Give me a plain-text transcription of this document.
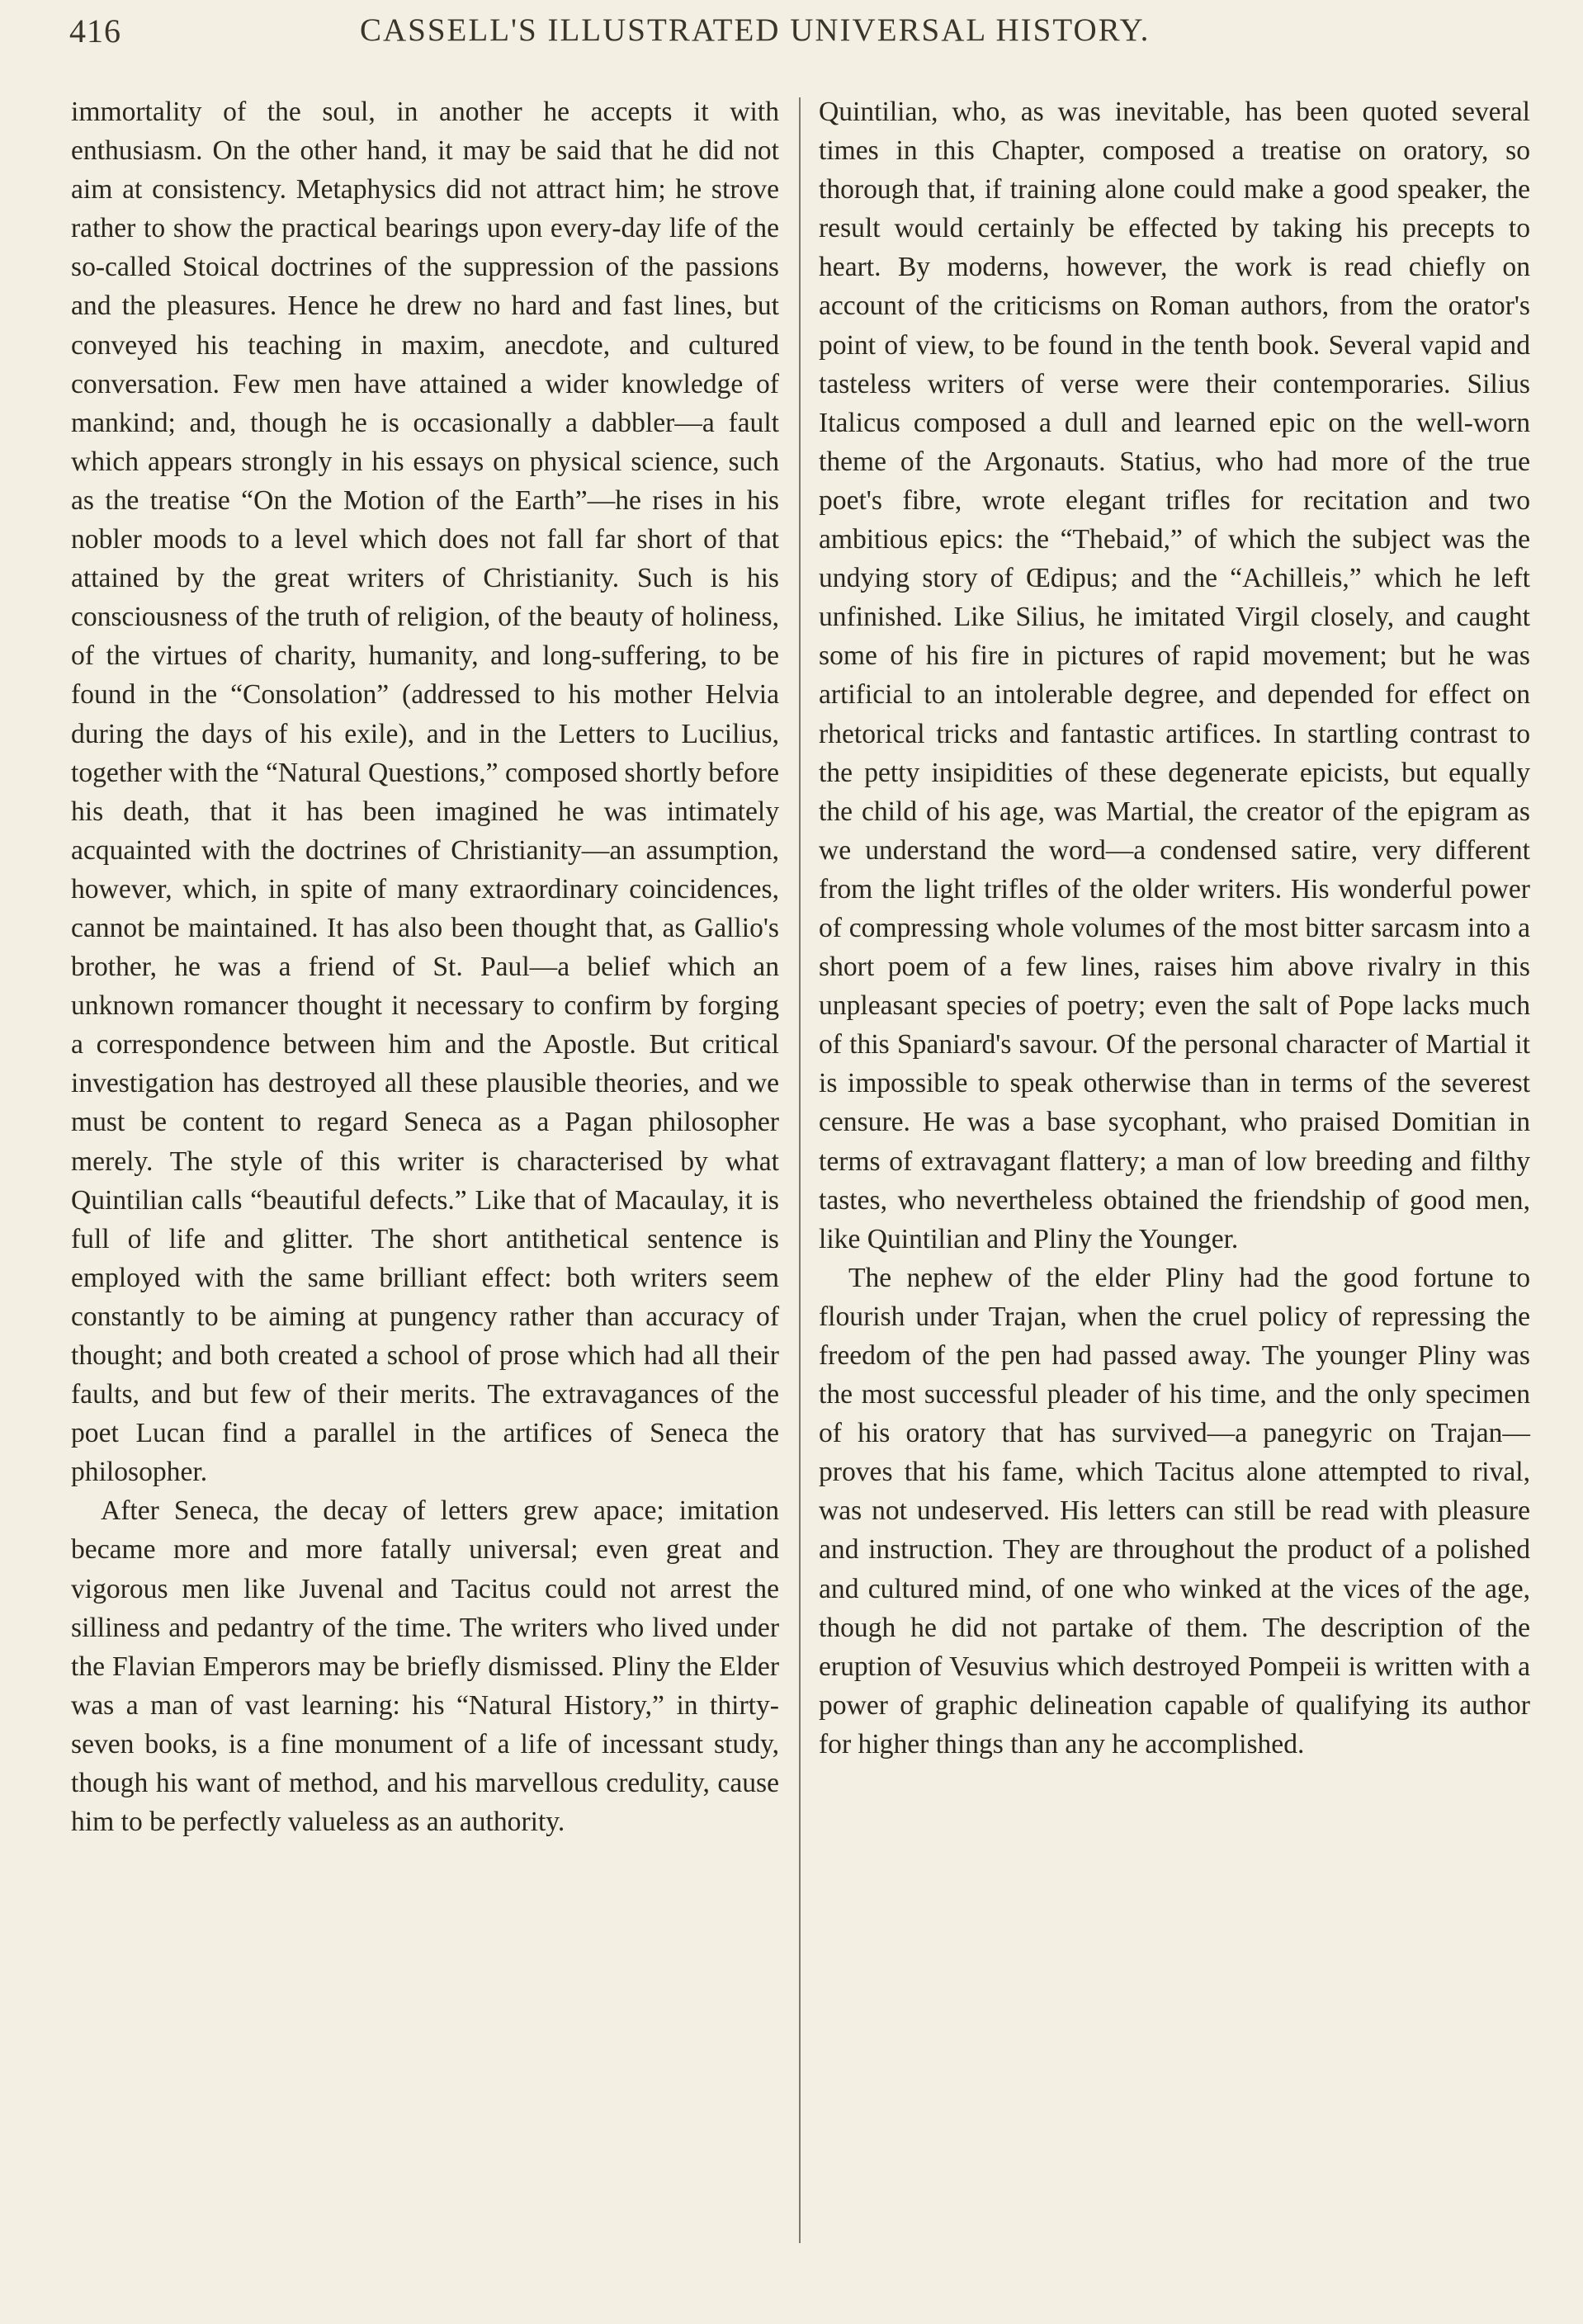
416	CASSELL'S ILLUSTRATED UNIVERSAL HISTORY.

immortality of the soul, in another he accepts it with enthusiasm. On the other hand, it may be said that he did not aim at consistency. Metaphysics did not attract him; he strove rather to show the practical bearings upon every-day life of the so-called Stoical doctrines of the suppression of the passions and the pleasures. Hence he drew no hard and fast lines, but conveyed his teaching in maxim, anecdote, and cultured conversation. Few men have attained a wider knowledge of mankind; and, though he is occasionally a dabbler—a fault which appears strongly in his essays on physical science, such as the treatise “On the Motion of the Earth”—he rises in his nobler moods to a level which does not fall far short of that attained by the great writers of Christianity. Such is his consciousness of the truth of religion, of the beauty of holiness, of the virtues of charity, humanity, and long-suffering, to be found in the “Consolation” (addressed to his mother Helvia during the days of his exile), and in the Letters to Lucilius, together with the “Natural Questions,” composed shortly before his death, that it has been imagined he was intimately acquainted with the doctrines of Christianity—an assumption, however, which, in spite of many extraordinary coincidences, cannot be maintained. It has also been thought that, as Gallio's brother, he was a friend of St. Paul—a belief which an unknown romancer thought it necessary to confirm by forging a correspondence between him and the Apostle. But critical investigation has destroyed all these plausible theories, and we must be content to regard Seneca as a Pagan philosopher merely. The style of this writer is characterised by what Quintilian calls “beautiful defects.” Like that of Macaulay, it is full of life and glitter. The short antithetical sentence is employed with the same brilliant effect: both writers seem constantly to be aiming at pungency rather than accuracy of thought; and both created a school of prose which had all their faults, and but few of their merits. The extravagances of the poet Lucan find a parallel in the artifices of Seneca the philosopher.

After Seneca, the decay of letters grew apace; imitation became more and more fatally universal; even great and vigorous men like Juvenal and Tacitus could not arrest the silliness and pedantry of the time. The writers who lived under the Flavian Emperors may be briefly dismissed. Pliny the Elder was a man of vast learning: his “Natural History,” in thirty-seven books, is a fine monument of a life of incessant study, though his want of method, and his marvellous credulity, cause him to be perfectly valueless as an authority.

Quintilian, who, as was inevitable, has been quoted several times in this Chapter, composed a treatise on oratory, so thorough that, if training alone could make a good speaker, the result would certainly be effected by taking his precepts to heart. By moderns, however, the work is read chiefly on account of the criticisms on Roman authors, from the orator's point of view, to be found in the tenth book. Several vapid and tasteless writers of verse were their contemporaries. Silius Italicus composed a dull and learned epic on the well-worn theme of the Argonauts. Statius, who had more of the true poet's fibre, wrote elegant trifles for recitation and two ambitious epics: the “Thebaid,” of which the subject was the undying story of Œdipus; and the “Achilleis,” which he left unfinished. Like Silius, he imitated Virgil closely, and caught some of his fire in pictures of rapid movement; but he was artificial to an intolerable degree, and depended for effect on rhetorical tricks and fantastic artifices. In startling contrast to the petty insipidities of these degenerate epicists, but equally the child of his age, was Martial, the creator of the epigram as we understand the word—a condensed satire, very different from the light trifles of the older writers. His wonderful power of compressing whole volumes of the most bitter sarcasm into a short poem of a few lines, raises him above rivalry in this unpleasant species of poetry; even the salt of Pope lacks much of this Spaniard's savour. Of the personal character of Martial it is impossible to speak otherwise than in terms of the severest censure. He was a base sycophant, who praised Domitian in terms of extravagant flattery; a man of low breeding and filthy tastes, who nevertheless obtained the friendship of good men, like Quintilian and Pliny the Younger.

The nephew of the elder Pliny had the good fortune to flourish under Trajan, when the cruel policy of repressing the freedom of the pen had passed away. The younger Pliny was the most successful pleader of his time, and the only specimen of his oratory that has survived—a panegyric on Trajan—proves that his fame, which Tacitus alone attempted to rival, was not undeserved. His letters can still be read with pleasure and instruction. They are throughout the product of a polished and cultured mind, of one who winked at the vices of the age, though he did not partake of them. The description of the eruption of Vesuvius which destroyed Pompeii is written with a power of graphic delineation capable of qualifying its author for higher things than any he accomplished.
